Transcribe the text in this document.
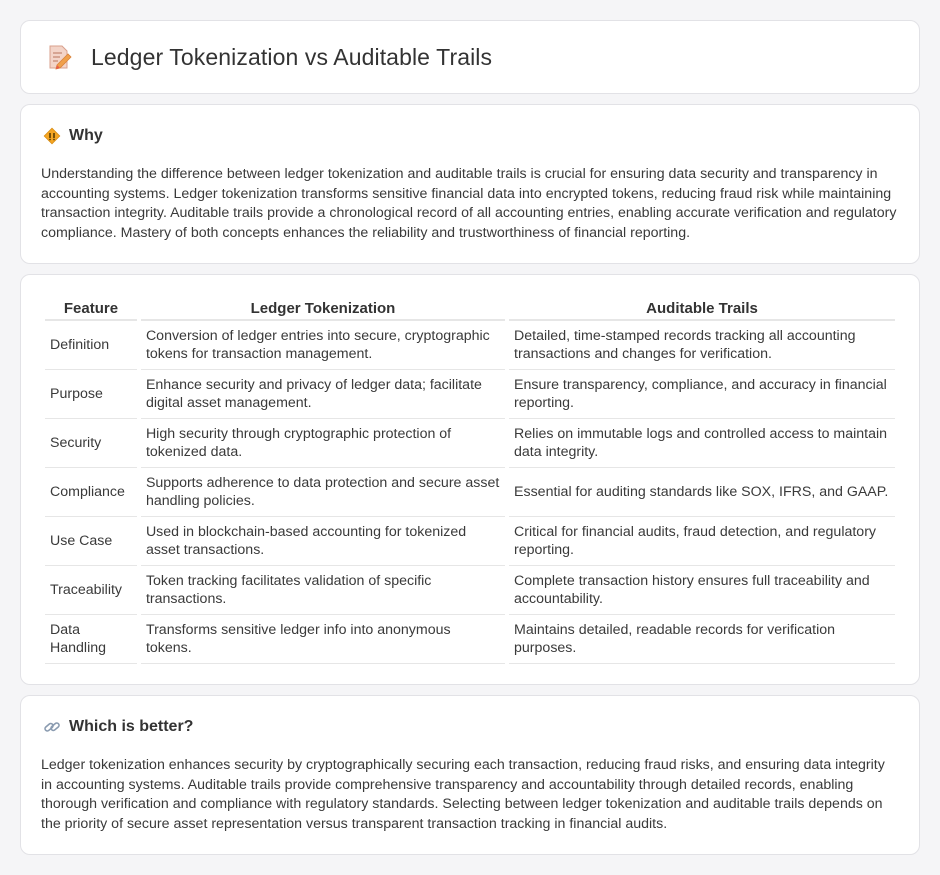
Ledger Tokenization vs Auditable Trails
Why

Understanding the difference between ledger tokenization and auditable trails is crucial for ensuring data security and transparency in accounting systems. Ledger tokenization transforms sensitive financial data into encrypted tokens, reducing fraud risk while maintaining transaction integrity. Auditable trails provide a chronological record of all accounting entries, enabling accurate verification and regulatory compliance. Mastery of both concepts enhances the reliability and trustworthiness of financial reporting.

Feature	Ledger Tokenization	Auditable Trails
Definition	Conversion of ledger entries into secure, cryptographic tokens for transaction management.	Detailed, time-stamped records tracking all accounting transactions and changes for verification.
Purpose	Enhance security and privacy of ledger data; facilitate digital asset management.	Ensure transparency, compliance, and accuracy in financial reporting.
Security	High security through cryptographic protection of tokenized data.	Relies on immutable logs and controlled access to maintain data integrity.
Compliance	Supports adherence to data protection and secure asset handling policies.	Essential for auditing standards like SOX, IFRS, and GAAP.
Use Case	Used in blockchain-based accounting for tokenized asset transactions.	Critical for financial audits, fraud detection, and regulatory reporting.
Traceability	Token tracking facilitates validation of specific transactions.	Complete transaction history ensures full traceability and accountability.
Data Handling	Transforms sensitive ledger info into anonymous tokens.	Maintains detailed, readable records for verification purposes.
Which is better?

Ledger tokenization enhances security by cryptographically securing each transaction, reducing fraud risks, and ensuring data integrity in accounting systems. Auditable trails provide comprehensive transparency and accountability through detailed records, enabling thorough verification and compliance with regulatory standards. Selecting between ledger tokenization and auditable trails depends on the priority of secure asset representation versus transparent transaction tracking in financial audits.
